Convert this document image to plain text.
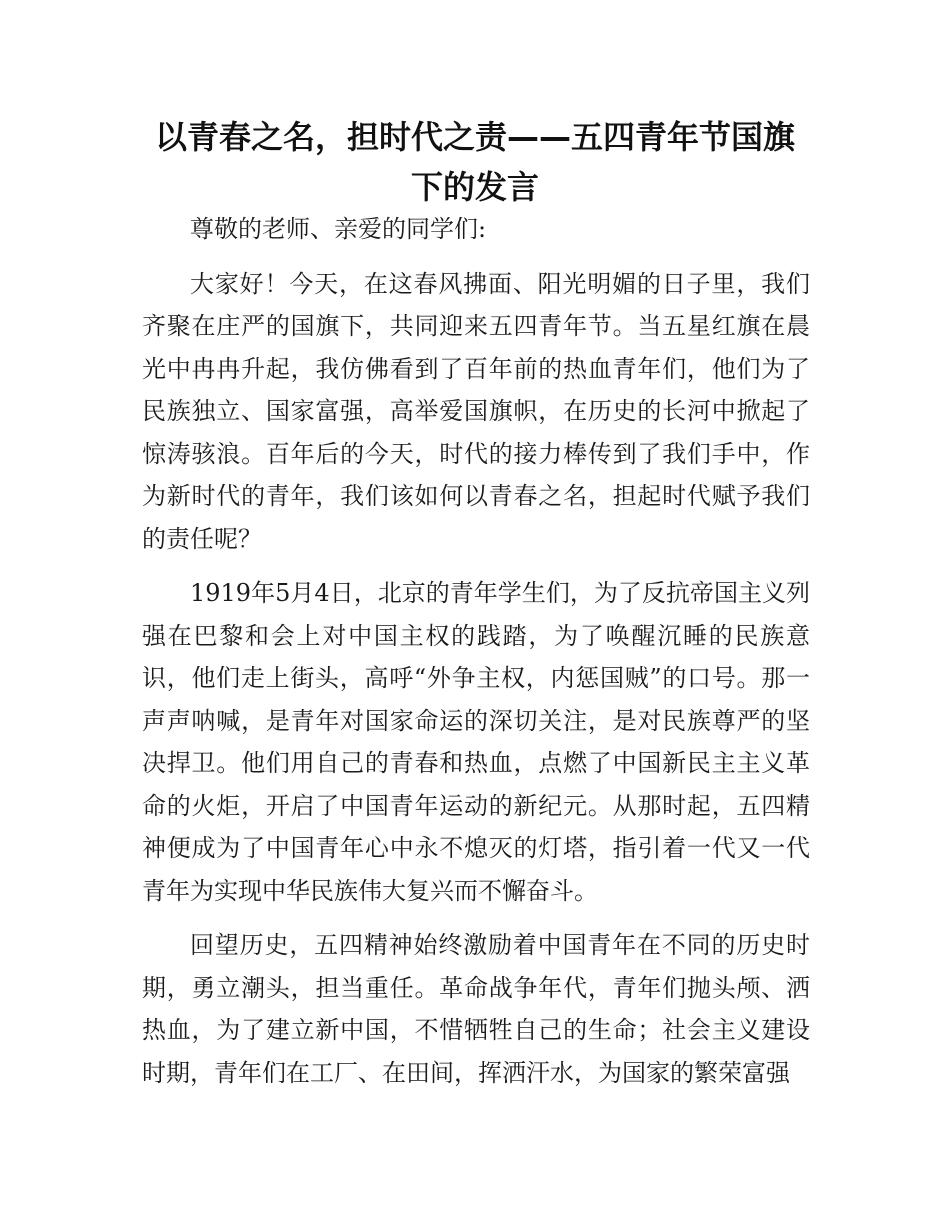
以青春之名，担时代之责——五四青年节国旗下的发言

尊敬的老师、亲爱的同学们:

大家好！今天，在这春风拂面、阳光明媚的日子里，我们齐聚在庄严的国旗下，共同迎来五四青年节。当五星红旗在晨光中冉冉升起，我仿佛看到了百年前的热血青年们，他们为了民族独立、国家富强，高举爱国旗帜，在历史的长河中掀起了惊涛骇浪。百年后的今天，时代的接力棒传到了我们手中，作为新时代的青年，我们该如何以青春之名，担起时代赋予我们的责任呢？

1919年5月4日，北京的青年学生们，为了反抗帝国主义列强在巴黎和会上对中国主权的践踏，为了唤醒沉睡的民族意识，他们走上街头，高呼“外争主权，内惩国贼”的口号。那一声声呐喊，是青年对国家命运的深切关注，是对民族尊严的坚决捍卫。他们用自己的青春和热血，点燃了中国新民主主义革命的火炬，开启了中国青年运动的新纪元。从那时起，五四精神便成为了中国青年心中永不熄灭的灯塔，指引着一代又一代青年为实现中华民族伟大复兴而不懈奋斗。

回望历史，五四精神始终激励着中国青年在不同的历史时期，勇立潮头，担当重任。革命战争年代，青年们抛头颅、洒热血，为了建立新中国，不惜牺牲自己的生命；社会主义建设时期，青年们在工厂、在田间，挥洒汗水，为国家的繁荣富强
